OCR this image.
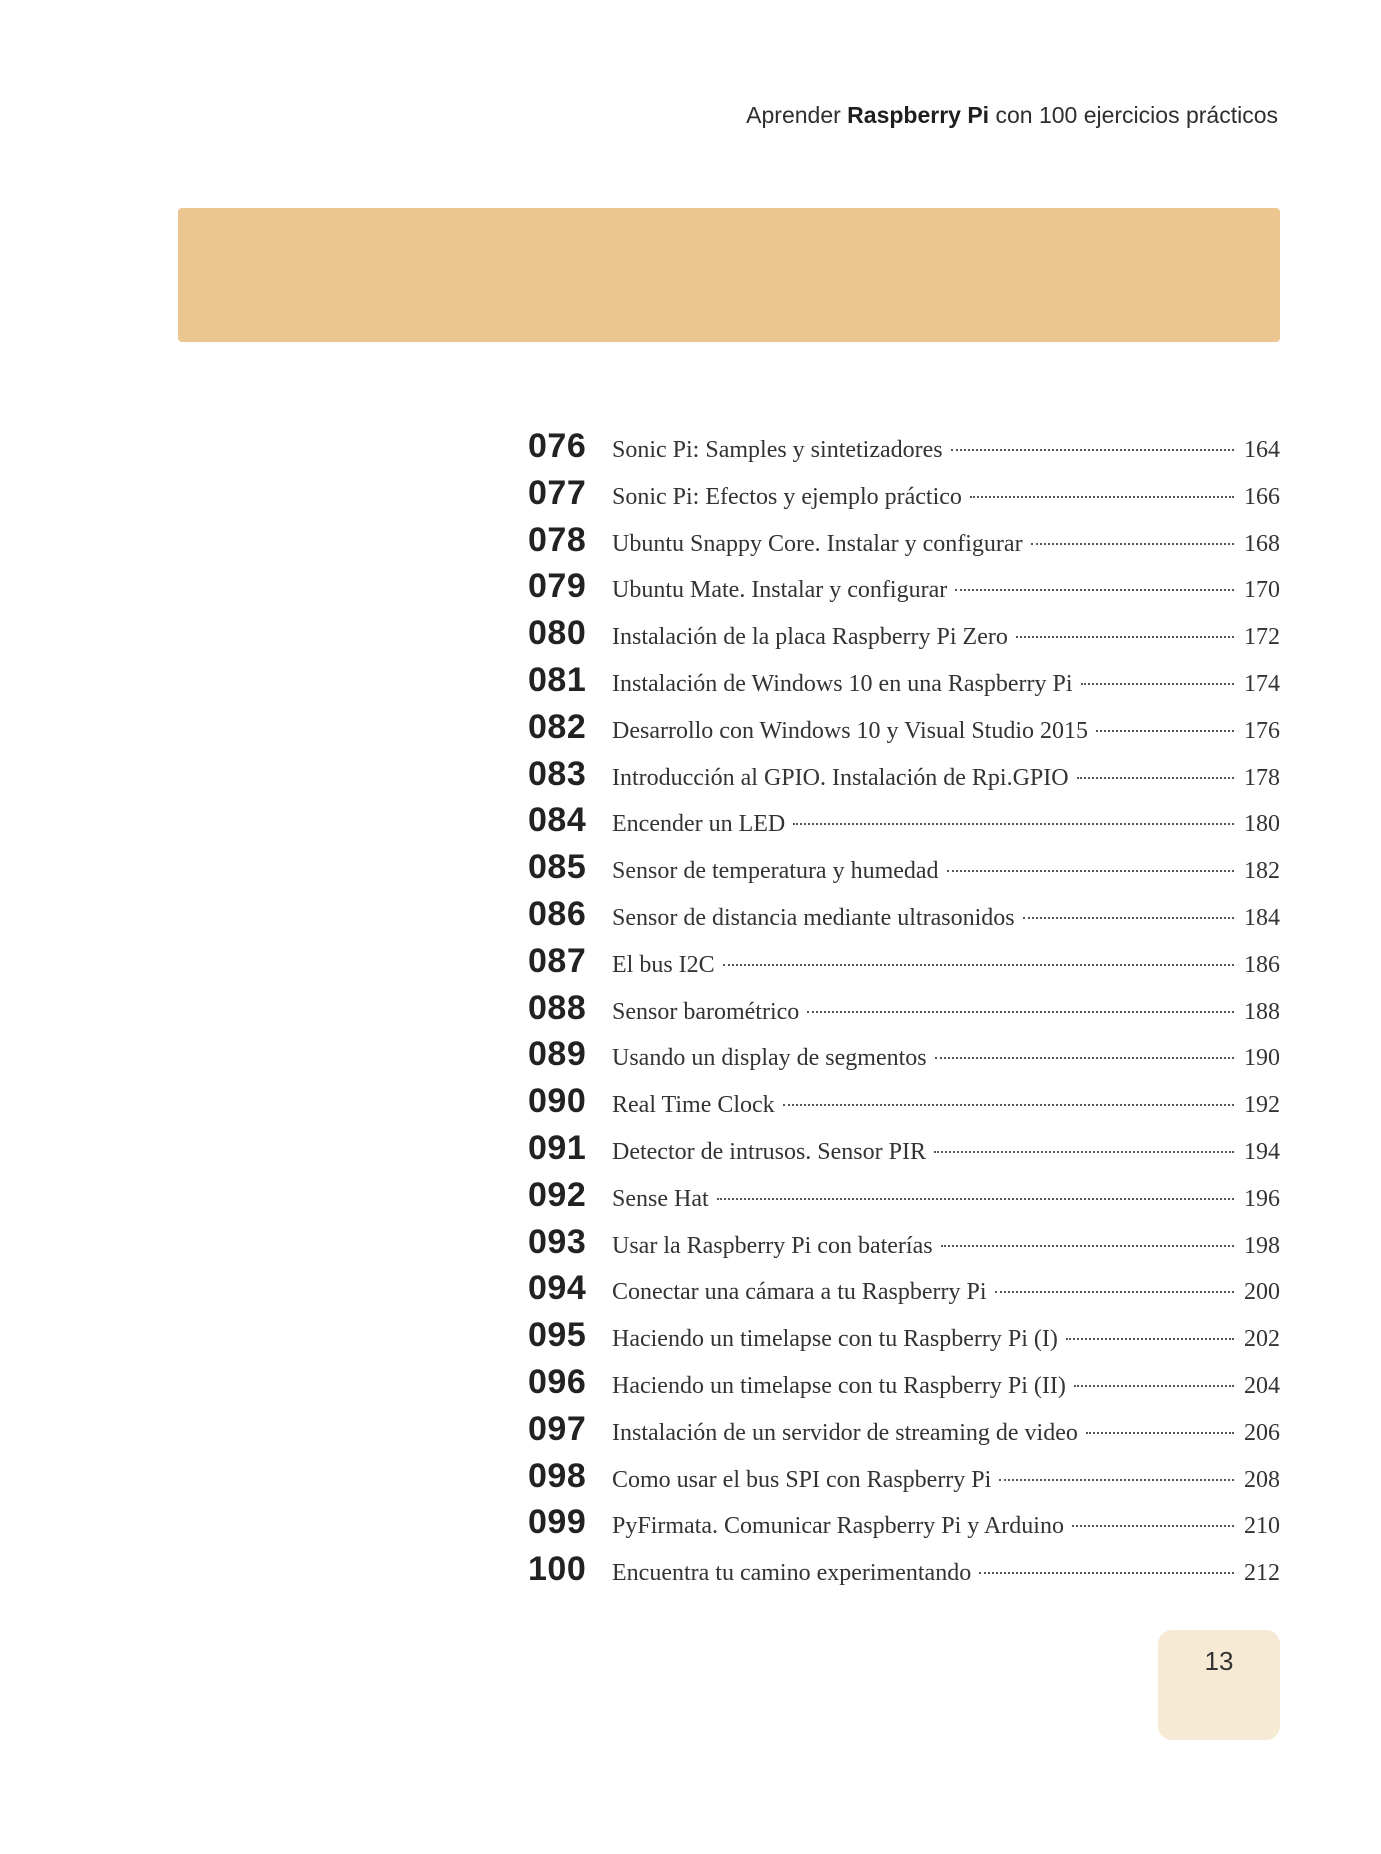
Aprender Raspberry Pi con 100 ejercicios prácticos
076	Sonic Pi: Samples y sintetizadores	164
077	Sonic Pi: Efectos y ejemplo práctico	166
078	Ubuntu Snappy Core. Instalar y configurar	168
079	Ubuntu Mate. Instalar y configurar	170
080	Instalación de la placa Raspberry Pi Zero	172
081	Instalación de Windows 10 en una Raspberry Pi	174
082	Desarrollo con Windows 10 y Visual Studio 2015	176
083	Introducción al GPIO. Instalación de Rpi.GPIO	178
084	Encender un LED	180
085	Sensor de temperatura y humedad	182
086	Sensor de distancia mediante ultrasonidos	184
087	El bus I2C	186
088	Sensor barométrico	188
089	Usando un display de segmentos	190
090	Real Time Clock	192
091	Detector de intrusos. Sensor PIR	194
092	Sense Hat	196
093	Usar la Raspberry Pi con baterías	198
094	Conectar una cámara a tu Raspberry Pi	200
095	Haciendo un timelapse con tu Raspberry Pi (I)	202
096	Haciendo un timelapse con tu Raspberry Pi (II)	204
097	Instalación de un servidor de streaming de video	206
098	Como usar el bus SPI con Raspberry Pi	208
099	PyFirmata. Comunicar Raspberry Pi y Arduino	210
100	Encuentra tu camino experimentando	212
13
